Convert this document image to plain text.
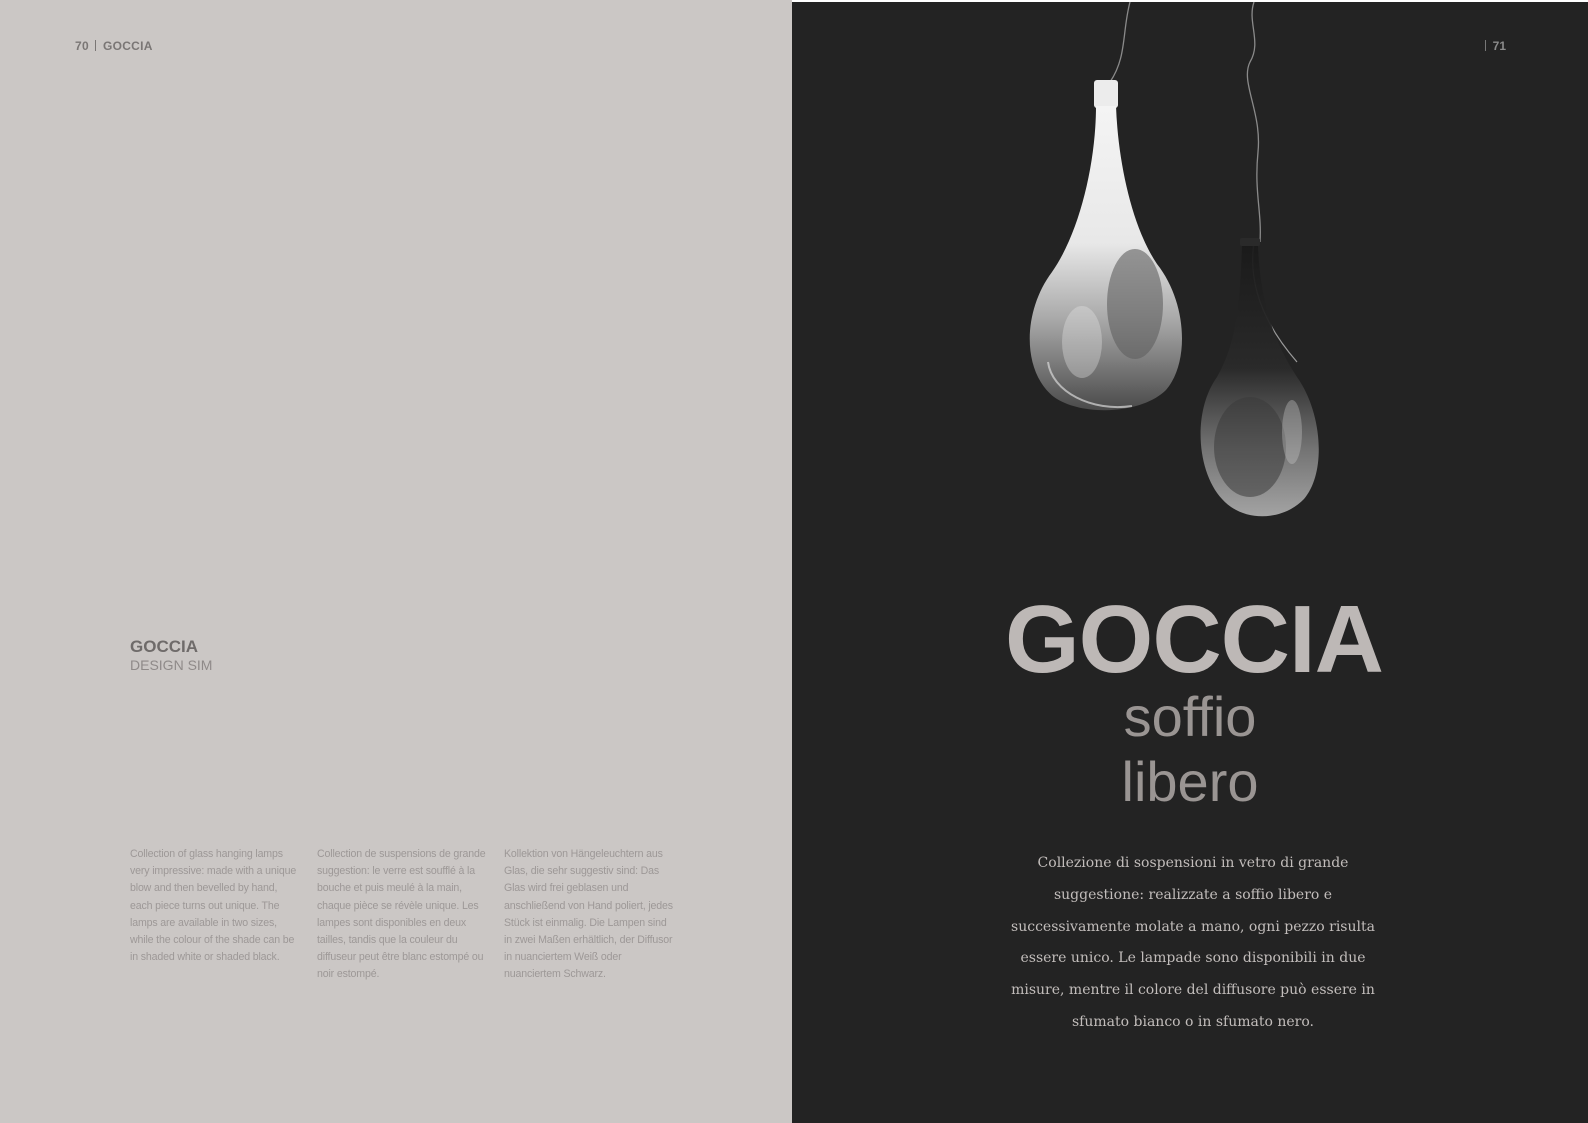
70 GOCCIA
GOCCIA
DESIGN SIM
Collection of glass hanging lamps very impressive: made with a unique blow and then bevelled by hand, each piece turns out unique. The lamps are available in two sizes, while the colour of the shade can be in shaded white or shaded black.
Collection de suspensions de grande suggestion: le verre est soufflé à la bouche et puis meulé à la main, chaque pièce se révèle unique. Les lampes sont disponibles en deux tailles, tandis que la couleur du diffuseur peut être blanc estompé ou noir estompé.
Kollektion von Hängeleuchtern aus Glas, die sehr suggestiv sind: Das Glas wird frei geblasen und anschließend von Hand poliert, jedes Stück ist einmalig. Die Lampen sind in zwei Maßen erhältlich, der Diffusor in nuanciertem Weiß oder nuanciertem Schwarz.
71
GOCCIA
soffio
libero
Collezione di sospensioni in vetro di grande suggestione: realizzate a soffio libero e successivamente molate a mano, ogni pezzo risulta essere unico. Le lampade sono disponibili in due misure, mentre il colore del diffusore può essere in sfumato bianco o in sfumato nero.
